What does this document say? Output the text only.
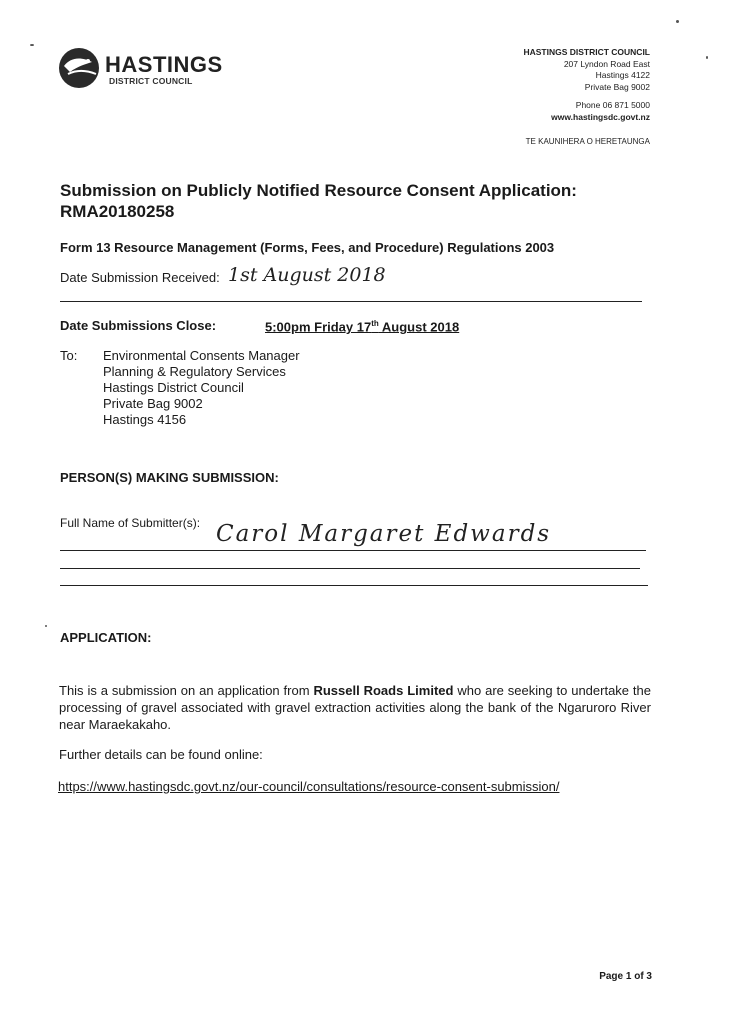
HASTINGS
DISTRICT COUNCIL
HASTINGS DISTRICT COUNCIL
207 Lyndon Road East
Hastings 4122
Private Bag 9002
Phone 06 871 5000
www.hastingsdc.govt.nz
TE KAUNIHERA O HERETAUNGA
Submission on Publicly Notified Resource Consent Application:
RMA20180258
Form 13 Resource Management (Forms, Fees, and Procedure) Regulations 2003
Date Submission Received: 1st August 2018
Date Submissions Close:	5:00pm Friday 17th August 2018
To: Environmental Consents Manager
Planning & Regulatory Services
Hastings District Council
Private Bag 9002
Hastings 4156
PERSON(S) MAKING SUBMISSION:
Full Name of Submitter(s): Carol Margaret Edwards
APPLICATION:
This is a submission on an application from Russell Roads Limited who are seeking to undertake the processing of gravel associated with gravel extraction activities along the bank of the Ngaruroro River near Maraekakaho.
Further details can be found online:
https://www.hastingsdc.govt.nz/our-council/consultations/resource-consent-submission/
Page 1 of 3
